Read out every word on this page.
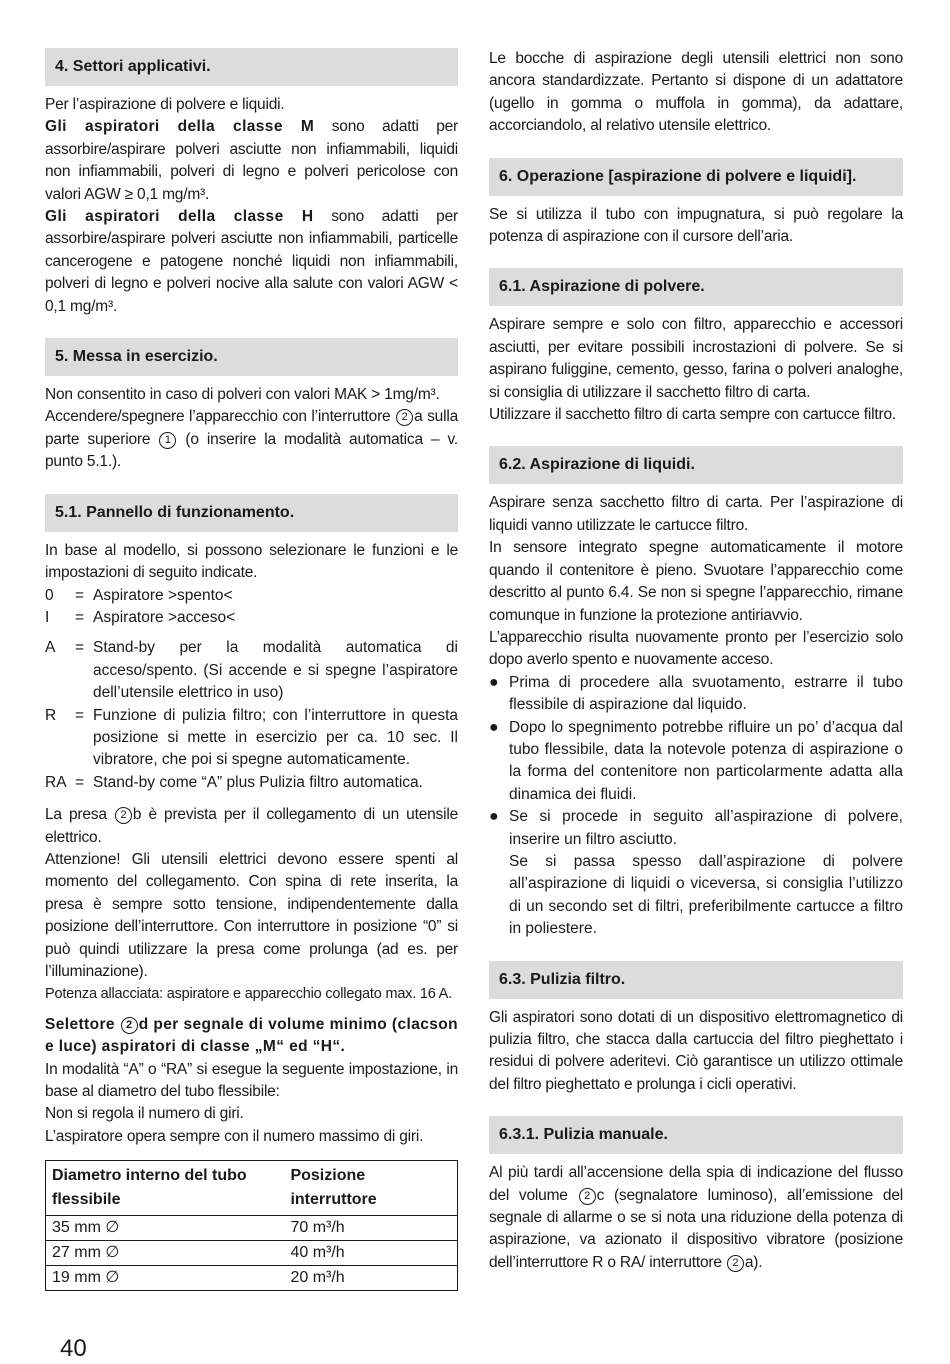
4. Settori applicativi.

Per l’aspirazione di polvere e liquidi.

Gli aspiratori della classe M sono adatti per assorbire/aspirare polveri asciutte non infiammabili, liquidi non infiammabili, polveri di legno e polveri pericolose con valori AGW ≥ 0,1 mg/m³.

Gli aspiratori della classe H sono adatti per assorbire/aspirare polveri asciutte non infiammabili, particelle cancerogene e patogene nonché liquidi non infiammabili, polveri di legno e polveri nocive alla salute con valori AGW < 0,1 mg/m³.

5. Messa in esercizio.

Non consentito in caso di polveri con valori MAK > 1mg/m³.

Accendere/spegnere l’apparecchio con l’interruttore 2 a sulla parte superiore 1 (o inserire la modalità automatica – v. punto 5.1.).

5.1. Pannello di funzionamento.

In base al modello, si possono selezionare le funzioni e le impostazioni di seguito indicate.

0	= Aspiratore >spento<
I	= Aspiratore >acceso<
A	= Stand-by per la modalità automatica di acceso/spento. (Si accende e si spegne l’aspiratore dell’utensile elettrico in uso)
R	= Funzione di pulizia filtro; con l’interruttore in questa posizione si mette in esercizio per ca. 10 sec. Il vibratore, che poi si spegne automaticamente.
RA = Stand-by come “A” plus Pulizia filtro automatica.

La presa 2 b è prevista per il collegamento di un utensile elettrico.

Attenzione! Gli utensili elettrici devono essere spenti al momento del collegamento. Con spina di rete inserita, la presa è sempre sotto tensione, indipendentemente dalla posizione dell’interruttore. Con interruttore in posizione “0” si può quindi utilizzare la presa come prolunga (ad es. per l’illuminazione).

Potenza allacciata: aspiratore e apparecchio collegato max. 16 A.

Selettore 2 d per segnale di volume minimo (clacson e luce) aspiratori di classe „M“ ed “H“.

In modalità “A” o “RA” si esegue la seguente impostazione, in base al diametro del tubo flessibile:

Non si regola il numero di giri.

L’aspiratore opera sempre con il numero massimo di giri.

Diametro interno del tubo flessibile	Posizione interruttore
35 mm ∅	70 m³/h
27 mm ∅	40 m³/h
19 mm ∅	20 m³/h

Le bocche di aspirazione degli utensili elettrici non sono ancora standardizzate. Pertanto si dispone di un adattatore (ugello in gomma o muffola in gomma), da adattare, accorciandolo, al relativo utensile elettrico.

6. Operazione [aspirazione di polvere e liquidi].

Se si utilizza il tubo con impugnatura, si può regolare la potenza di aspirazione con il cursore dell’aria.

6.1. Aspirazione di polvere.

Aspirare sempre e solo con filtro, apparecchio e accessori asciutti, per evitare possibili incrostazioni di polvere. Se si aspirano fuliggine, cemento, gesso, farina o polveri analoghe, si consiglia di utilizzare il sacchetto filtro di carta.

Utilizzare il sacchetto filtro di carta sempre con cartucce filtro.

6.2. Aspirazione di liquidi.

Aspirare senza sacchetto filtro di carta. Per l’aspirazione di liquidi vanno utilizzate le cartucce filtro.

In sensore integrato spegne automaticamente il motore quando il contenitore è pieno. Svuotare l’apparecchio come descritto al punto 6.4. Se non si spegne l’apparecchio, rimane comunque in funzione la protezione antiriavvio.

L’apparecchio risulta nuovamente pronto per l’esercizio solo dopo averlo spento e nuovamente acceso.

● Prima di procedere alla svuotamento, estrarre il tubo flessibile di aspirazione dal liquido.
● Dopo lo spegnimento potrebbe rifluire un po’ d’acqua dal tubo flessibile, data la notevole potenza di aspirazione o la forma del contenitore non particolarmente adatta alla dinamica dei fluidi.
● Se si procede in seguito all’aspirazione di polvere, inserire un filtro asciutto.
Se si passa spesso dall’aspirazione di polvere all’aspirazione di liquidi o viceversa, si consiglia l’utilizzo di un secondo set di filtri, preferibilmente cartucce a filtro in poliestere.
6.3. Pulizia filtro.

Gli aspiratori sono dotati di un dispositivo elettromagnetico di pulizia filtro, che stacca dalla cartuccia del filtro pieghettato i residui di polvere aderitevi. Ciò garantisce un utilizzo ottimale del filtro pieghettato e prolunga i cicli operativi.

6.3.1. Pulizia manuale.

Al più tardi all’accensione della spia di indicazione del flusso del volume 2 c (segnalatore luminoso), all’emissione del segnale di allarme o se si nota una riduzione della potenza di aspirazione, va azionato il dispositivo vibratore (posizione dell’interruttore R o RA/ interruttore 2 a).

40
